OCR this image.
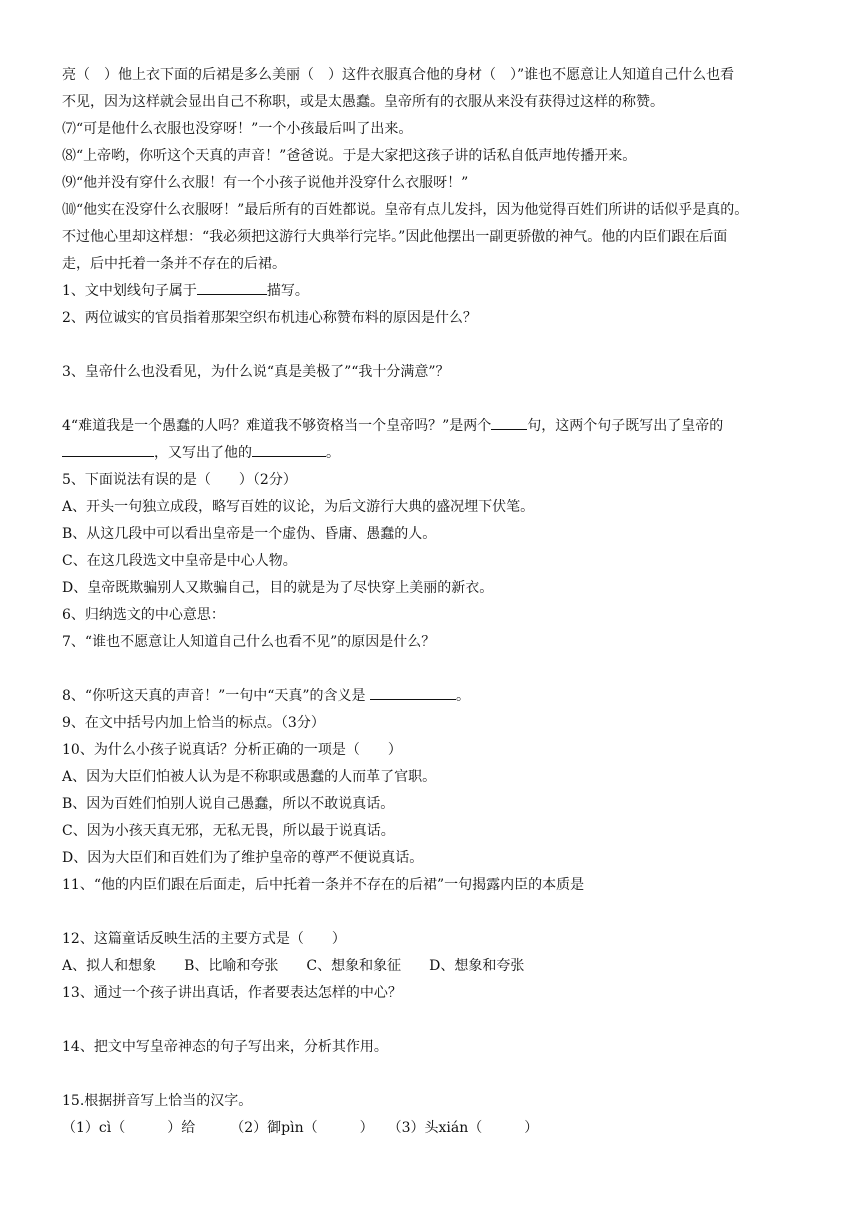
亮（　）他上衣下面的后裙是多么美丽（　）这件衣服真合他的身材（　）”谁也不愿意让人知道自己什么也看

不见，因为这样就会显出自己不称职，或是太愚蠢。皇帝所有的衣服从来没有获得过这样的称赞。

⑺“可是他什么衣服也没穿呀！”一个小孩最后叫了出来。

⑻“上帝哟，你听这个天真的声音！”爸爸说。于是大家把这孩子讲的话私自低声地传播开来。

⑼“他并没有穿什么衣服！有一个小孩子说他并没穿什么衣服呀！”

⑽“他实在没穿什么衣服呀！”最后所有的百姓都说。皇帝有点儿发抖，因为他觉得百姓们所讲的话似乎是真的。

不过他心里却这样想：“我必须把这游行大典举行完毕。”因此他摆出一副更骄傲的神气。他的内臣们跟在后面

走，后中托着一条并不存在的后裙。

1、文中划线句子属于	描写。

2、两位诚实的官员指着那架空织布机违心称赞布料的原因是什么？

3、皇帝什么也没看见，为什么说“真是美极了”“我十分满意”？

4“难道我是一个愚蠢的人吗？难道我不够资格当一个皇帝吗？”是两个	句，这两个句子既写出了皇帝的

，又写出了他的	。

5、下面说法有误的是（　　）（2分）

A、开头一句独立成段，略写百姓的议论，为后文游行大典的盛况埋下伏笔。

B、从这几段中可以看出皇帝是一个虚伪、昏庸、愚蠢的人。

C、在这几段选文中皇帝是中心人物。

D、皇帝既欺骗别人又欺骗自己，目的就是为了尽快穿上美丽的新衣。

6、归纳选文的中心意思：

7、“谁也不愿意让人知道自己什么也看不见”的原因是什么？

8、“你听这天真的声音！”一句中“天真”的含义是	。

9、在文中括号内加上恰当的标点。（3分）

10、为什么小孩子说真话？分析正确的一项是（　　）

A、因为大臣们怕被人认为是不称职或愚蠢的人而革了官职。

B、因为百姓们怕别人说自己愚蠢，所以不敢说真话。

C、因为小孩天真无邪，无私无畏，所以最于说真话。

D、因为大臣们和百姓们为了维护皇帝的尊严不便说真话。

11、“他的内臣们跟在后面走，后中托着一条并不存在的后裙”一句揭露内臣的本质是

12、这篇童话反映生活的主要方式是（　　）

A、拟人和想象　　B、比喻和夸张　　C、想象和象征　　D、想象和夸张

13、通过一个孩子讲出真话，作者要表达怎样的中心？

14、把文中写皇帝神态的句子写出来，分析其作用。

15.根据拼音写上恰当的汉字。

（1）cì（　　　）给　　　（2）御pìn（　　　）　　（3）头xián（　　　）
